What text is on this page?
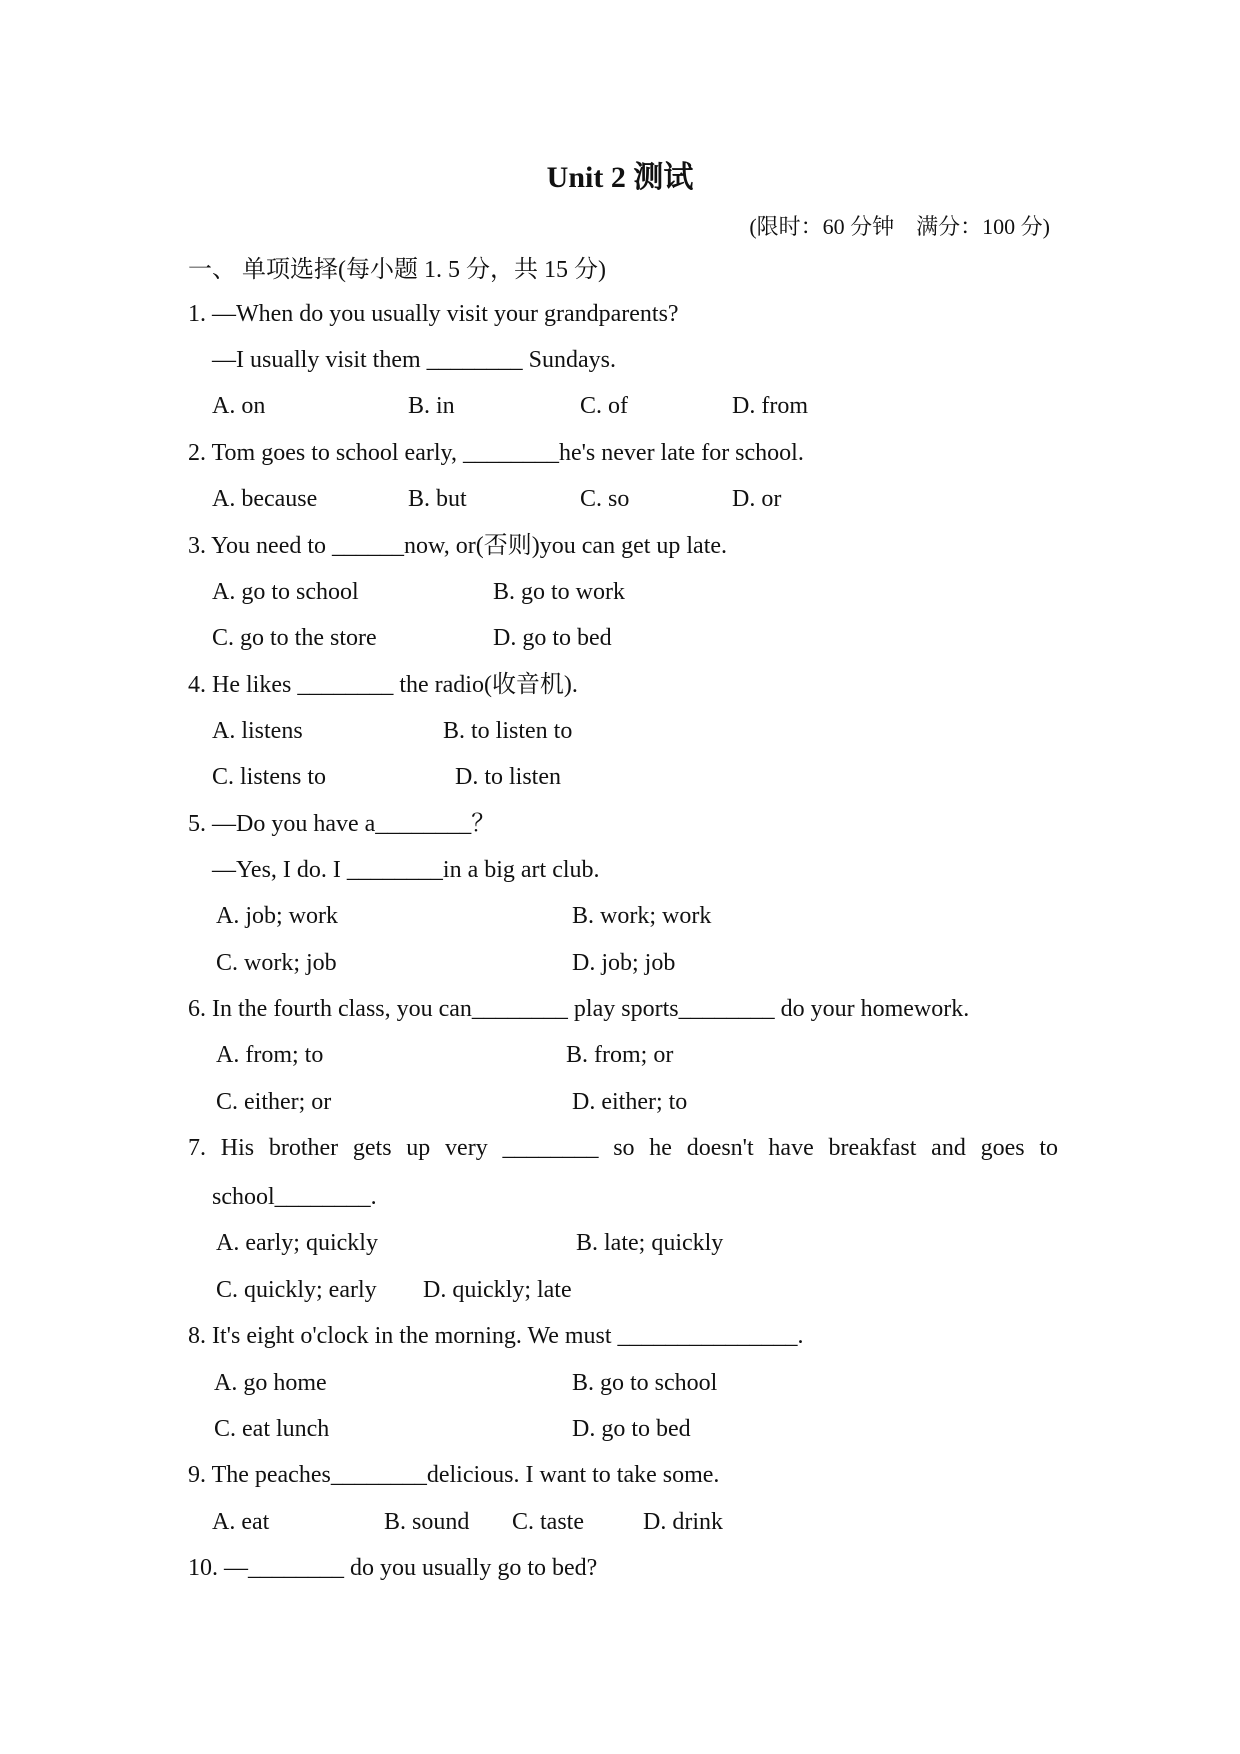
Unit 2 测试
(限时：60 分钟    满分：100 分)
一、 单项选择(每小题 1. 5 分，共 15 分)
1. —When do you usually visit your grandparents?
—I usually visit them ________ Sundays.
A. on	B. in	C. of	D. from
2. Tom goes to school early, ________he's never late for school.
A. because	B. but	C. so	D. or
3. You need to ______now, or(否则)you can get up late.
A. go to school	B. go to work
C. go to the store	D. go to bed
4. He likes ________ the radio(收音机).
A. listens	B. to listen to
C. listens to	D. to listen
5. —Do you have a________？
—Yes, I do. I ________in a big art club.
A. job; work	B. work; work
C. work; job	D. job; job
6. In the fourth class, you can________ play sports________ do your homework.
A. from; to	B. from; or
C. either; or	D. either; to
7. His brother gets up very ________ so he doesn't have breakfast and goes to
school________.
A. early; quickly	B. late; quickly
C. quickly; early D. quickly; late
8. It's eight o'clock in the morning. We must _______________.
A. go home	B. go to school
C. eat lunch	D. go to bed
9. The peaches________delicious. I want to take some.
A. eat	B. sound C. taste D. drink
10. —________ do you usually go to bed?
